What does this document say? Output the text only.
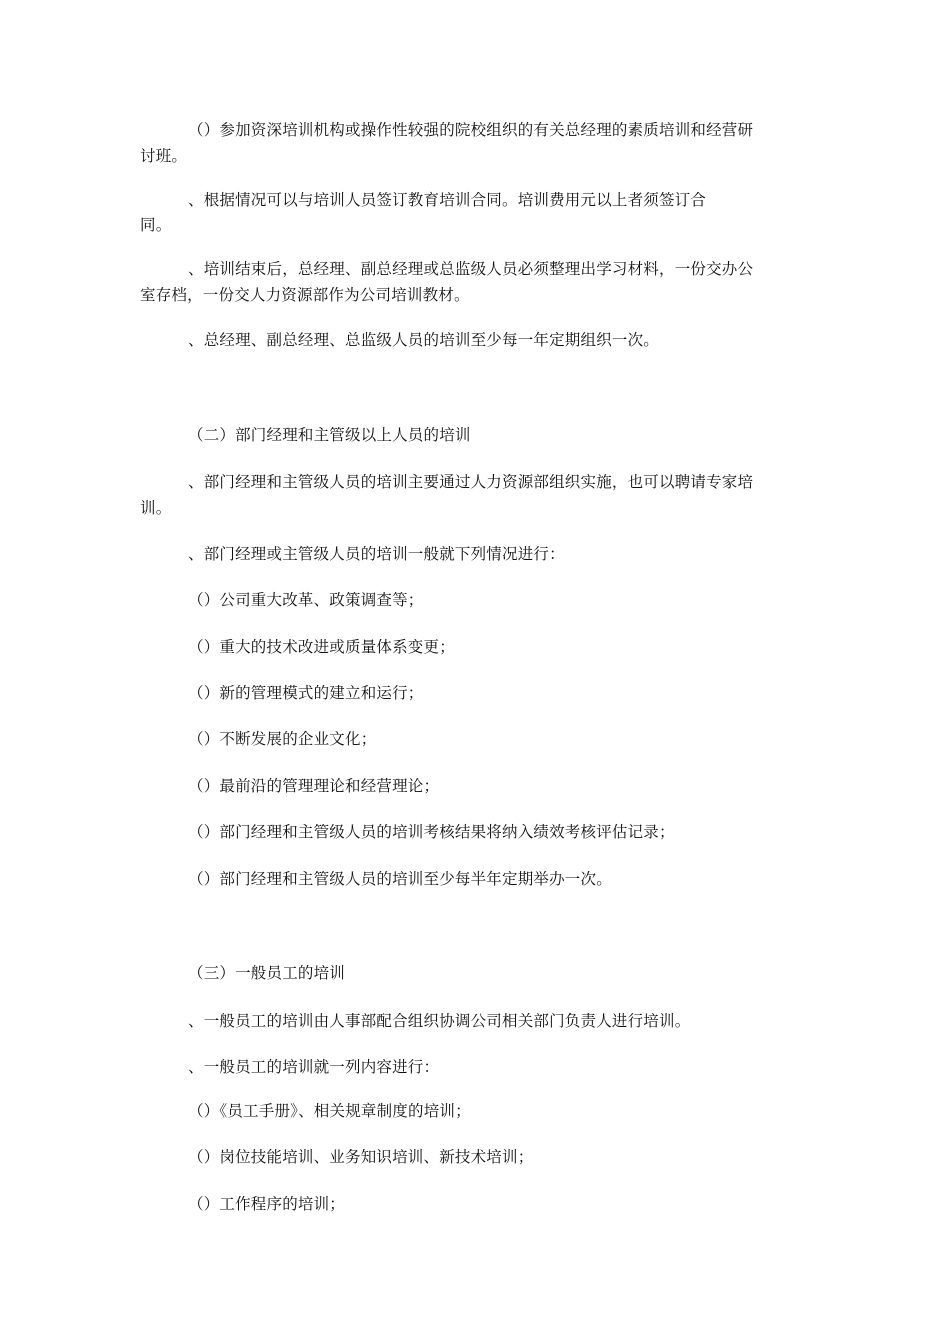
（）参加资深培训机构或操作性较强的院校组织的有关总经理的素质培训和经营研
讨班。
、根据情况可以与培训人员签订教育培训合同。培训费用元以上者须签订合
同。
、培训结束后，总经理、副总经理或总监级人员必须整理出学习材料，一份交办公
室存档，一份交人力资源部作为公司培训教材。
、总经理、副总经理、总监级人员的培训至少每一年定期组织一次。
（二）部门经理和主管级以上人员的培训
、部门经理和主管级人员的培训主要通过人力资源部组织实施，也可以聘请专家培
训。
、部门经理或主管级人员的培训一般就下列情况进行：
（）公司重大改革、政策调查等；
（）重大的技术改进或质量体系变更；
（）新的管理模式的建立和运行；
（）不断发展的企业文化；
（）最前沿的管理理论和经营理论；
（）部门经理和主管级人员的培训考核结果将纳入绩效考核评估记录；
（）部门经理和主管级人员的培训至少每半年定期举办一次。
（三）一般员工的培训
、一般员工的培训由人事部配合组织协调公司相关部门负责人进行培训。
、一般员工的培训就一列内容进行：
（）《员工手册》、相关规章制度的培训；
（）岗位技能培训、业务知识培训、新技术培训；
（）工作程序的培训；
